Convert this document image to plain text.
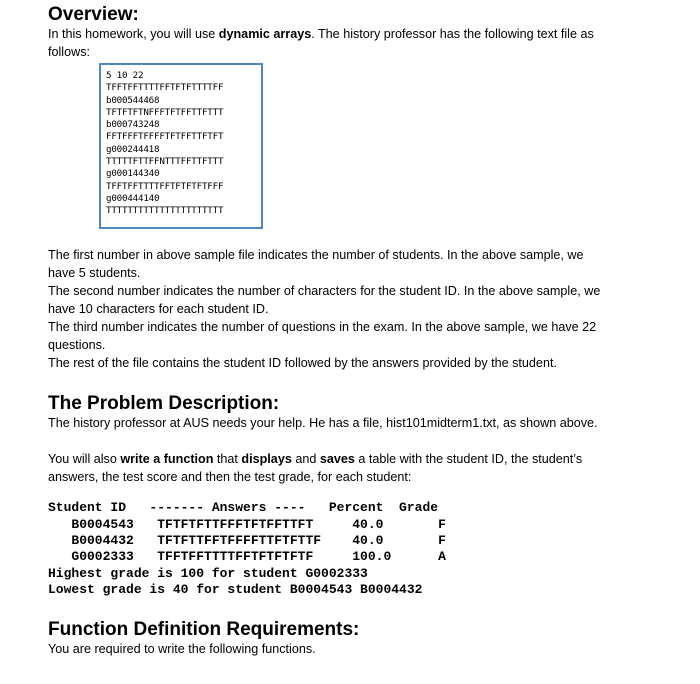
Overview:

In this homework, you will use dynamic arrays. The history professor has the following text file as

follows:

5 10 22
TFFTFFTTTTFFTFTFTTTTFF
b000544468
TFTFTFTNFFFTFTFFTTFTTT
b000743248
FFTFFFTFFFFTFTFFTTFTFT
g000244418
TTTTTFTTFFNTTTFFTTFTTT
g000144340
TFFTFFTTTTFFTFTFTFTFFF
g000444140
TTTTTTTTTTTTTTTTTTTTTT

The first number in above sample file indicates the number of students. In the above sample, we

have 5 students.

The second number indicates the number of characters for the student ID. In the above sample, we

have 10 characters for each student ID.

The third number indicates the number of questions in the exam. In the above sample, we have 22

questions.

The rest of the file contains the student ID followed by the answers provided by the student.

The Problem Description:

The history professor at AUS needs your help. He has a file, hist101midterm1.txt, as shown above.

You will also write a function that displays and saves a table with the student ID, the student’s

answers, the test score and then the test grade, for each student:

Student ID   ------- Answers ----   Percent  Grade
B0004543   TFTFTFTTFFFTFTFFTTFT     40.0       F
B0004432   TFTFTTFFTFFFFTTFTFTTF    40.0       F
G0002333   TFFTFFTTTTFFTFTFTFTF     100.0      A
Highest grade is 100 for student G0002333
Lowest grade is 40 for student B0004543 B0004432
Function Definition Requirements:

You are required to write the following functions.
